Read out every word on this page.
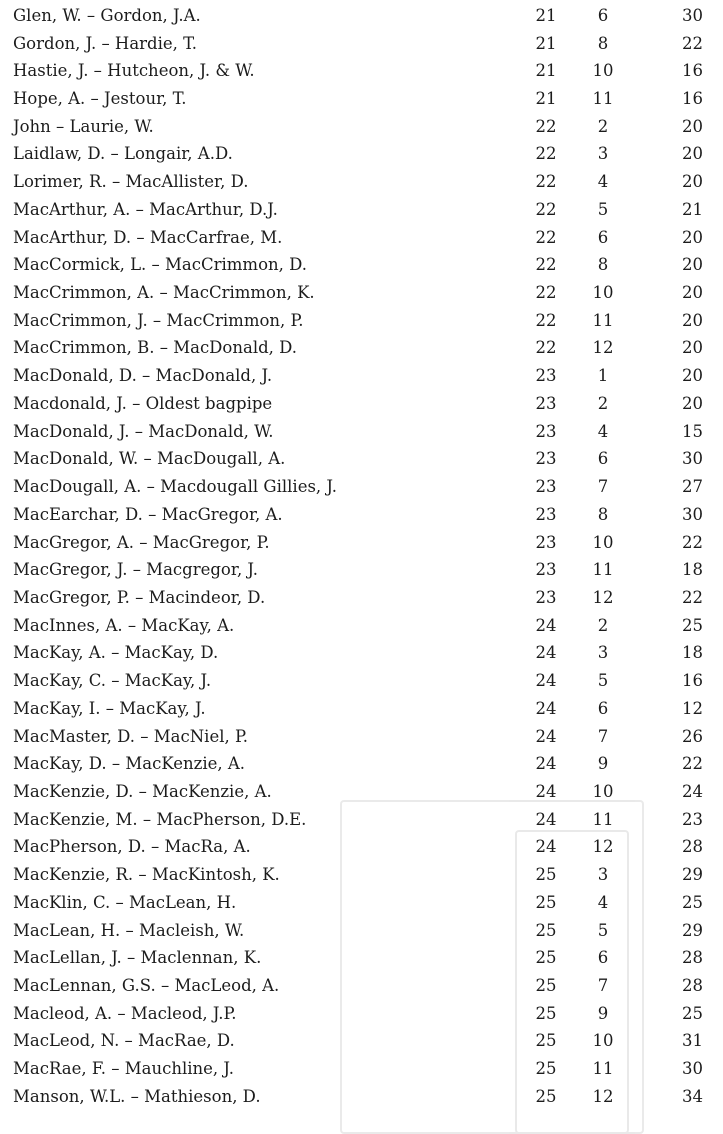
Glen, W. – Gordon, J.A.	21	6	30
Gordon, J. – Hardie, T.	21	8	22
Hastie, J. – Hutcheon, J. & W.	21	10	16
Hope, A. – Jestour, T.	21	11	16
John – Laurie, W.	22	2	20
Laidlaw, D. – Longair, A.D.	22	3	20
Lorimer, R. – MacAllister, D.	22	4	20
MacArthur, A. – MacArthur, D.J.	22	5	21
MacArthur, D. – MacCarfrae, M.	22	6	20
MacCormick, L. – MacCrimmon, D.	22	8	20
MacCrimmon, A. – MacCrimmon, K.	22	10	20
MacCrimmon, J. – MacCrimmon, P.	22	11	20
MacCrimmon, B. – MacDonald, D.	22	12	20
MacDonald, D. – MacDonald, J.	23	1	20
Macdonald, J. – Oldest bagpipe	23	2	20
MacDonald, J. – MacDonald, W.	23	4	15
MacDonald, W. – MacDougall, A.	23	6	30
MacDougall, A. – Macdougall Gillies, J.	23	7	27
MacEarchar, D. – MacGregor, A.	23	8	30
MacGregor, A. – MacGregor, P.	23	10	22
MacGregor, J. – Macgregor, J.	23	11	18
MacGregor, P. – Macindeor, D.	23	12	22
MacInnes, A. – MacKay, A.	24	2	25
MacKay, A. – MacKay, D.	24	3	18
MacKay, C. – MacKay, J.	24	5	16
MacKay, I. – MacKay, J.	24	6	12
MacMaster, D. – MacNiel, P.	24	7	26
MacKay, D. – MacKenzie, A.	24	9	22
MacKenzie, D. – MacKenzie, A.	24	10	24
MacKenzie, M. – MacPherson, D.E.	24	11	23
MacPherson, D. – MacRa, A.	24	12	28
MacKenzie, R. – MacKintosh, K.	25	3	29
MacKlin, C. – MacLean, H.	25	4	25
MacLean, H. – Macleish, W.	25	5	29
MacLellan, J. – Maclennan, K.	25	6	28
MacLennan, G.S. – MacLeod, A.	25	7	28
Macleod, A. – Macleod, J.P.	25	9	25
MacLeod, N. – MacRae, D.	25	10	31
MacRae, F. – Mauchline, J.	25	11	30
Manson, W.L. – Mathieson, D.	25	12	34
